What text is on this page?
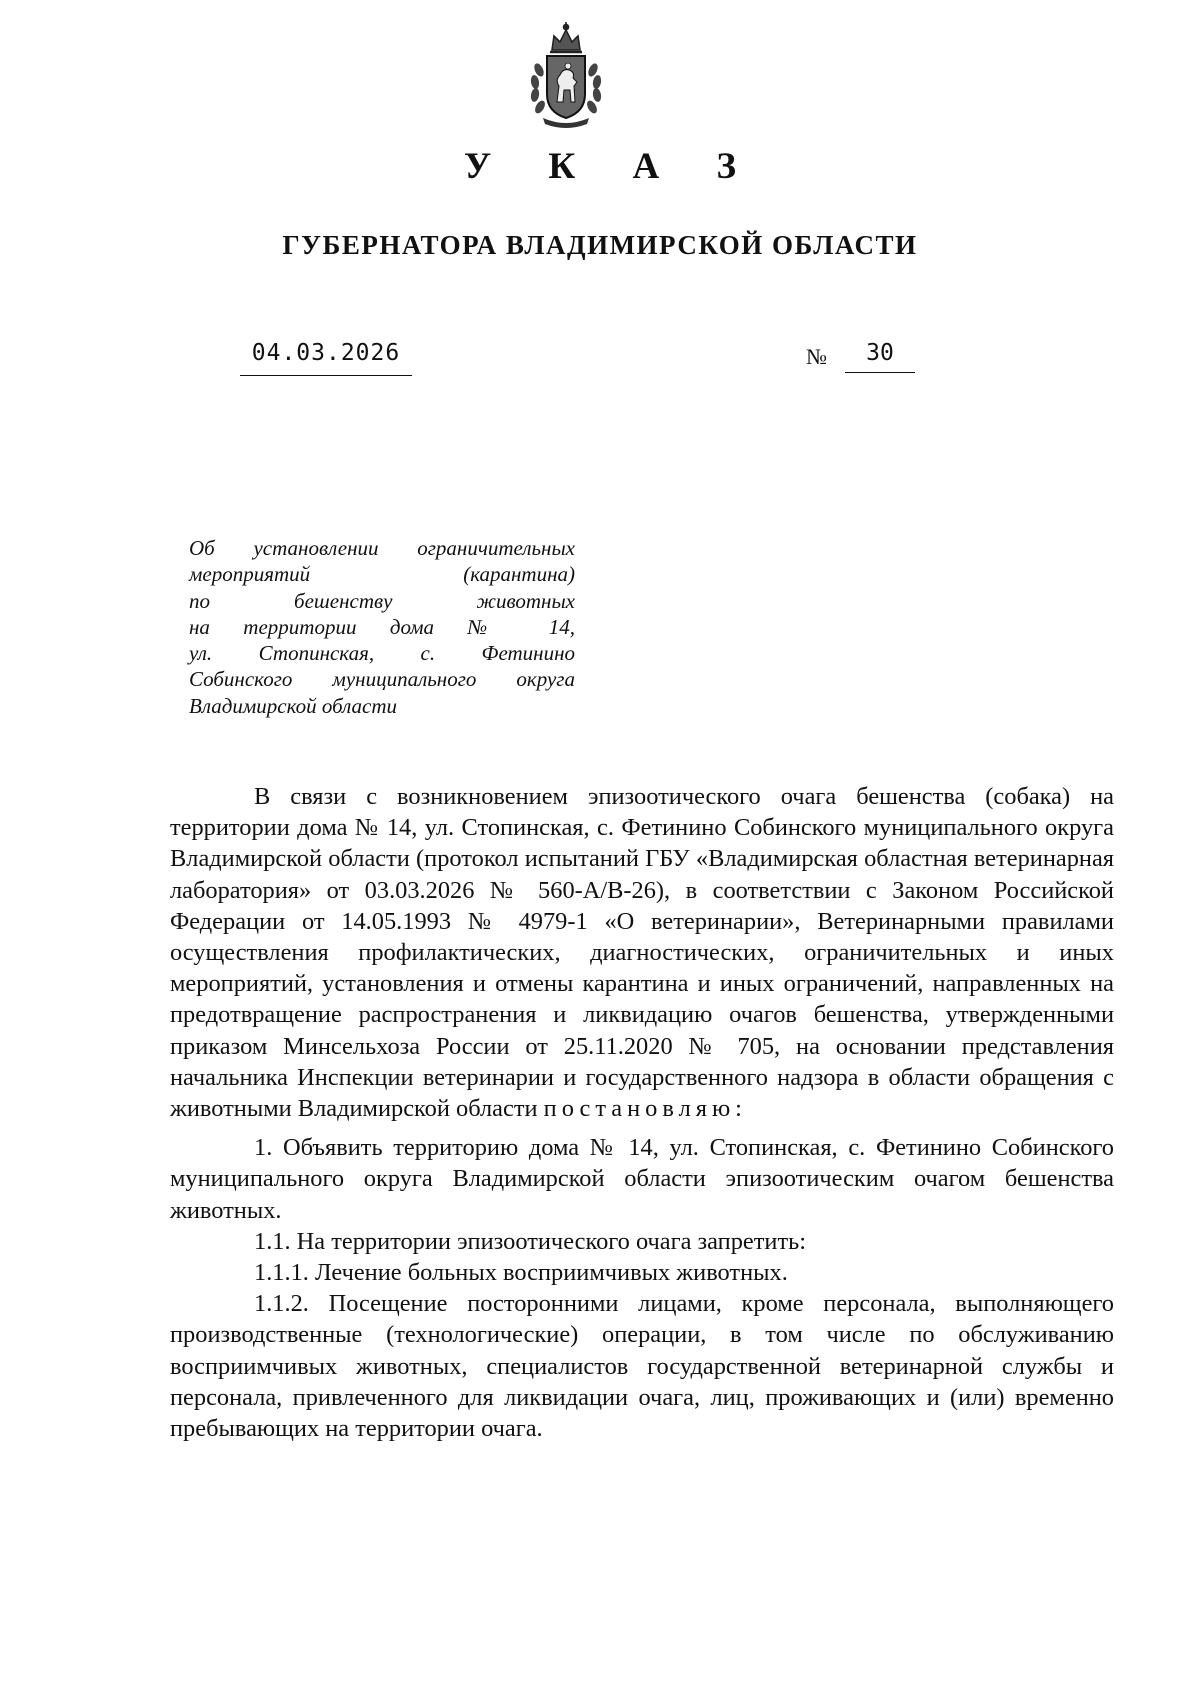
У К А З
ГУБЕРНАТОРА ВЛАДИМИРСКОЙ ОБЛАСТИ
04.03.2026	№	30
Об установлении ограничительных
мероприятий (карантина)
по бешенству животных
на территории дома № 14,
ул. Стопинская, с. Фетинино
Собинского муниципального округа
Владимирской области

В связи с возникновением эпизоотического очага бешенства (собака) на территории дома № 14, ул. Стопинская, с. Фетинино Собинского муниципального округа Владимирской области (протокол испытаний ГБУ «Владимирская областная ветеринарная лаборатория» от 03.03.2026 № 560-А/В-26), в соответствии с Законом Российской Федерации от 14.05.1993 № 4979-1 «О ветеринарии», Ветеринарными правилами осуществления профилактических, диагностических, ограничительных и иных мероприятий, установления и отмены карантина и иных ограничений, направленных на предотвращение распространения и ликвидацию очагов бешенства, утвержденными приказом Минсельхоза России от 25.11.2020 № 705, на основании представления начальника Инспекции ветеринарии и государственного надзора в области обращения с животными Владимирской области постановляю:

1. Объявить территорию дома № 14, ул. Стопинская, с. Фетинино Собинского муниципального округа Владимирской области эпизоотическим очагом бешенства животных.

1.1. На территории эпизоотического очага запретить:

1.1.1. Лечение больных восприимчивых животных.

1.1.2. Посещение посторонними лицами, кроме персонала, выполняющего производственные (технологические) операции, в том числе по обслуживанию восприимчивых животных, специалистов государственной ветеринарной службы и персонала, привлеченного для ликвидации очага, лиц, проживающих и (или) временно пребывающих на территории очага.
